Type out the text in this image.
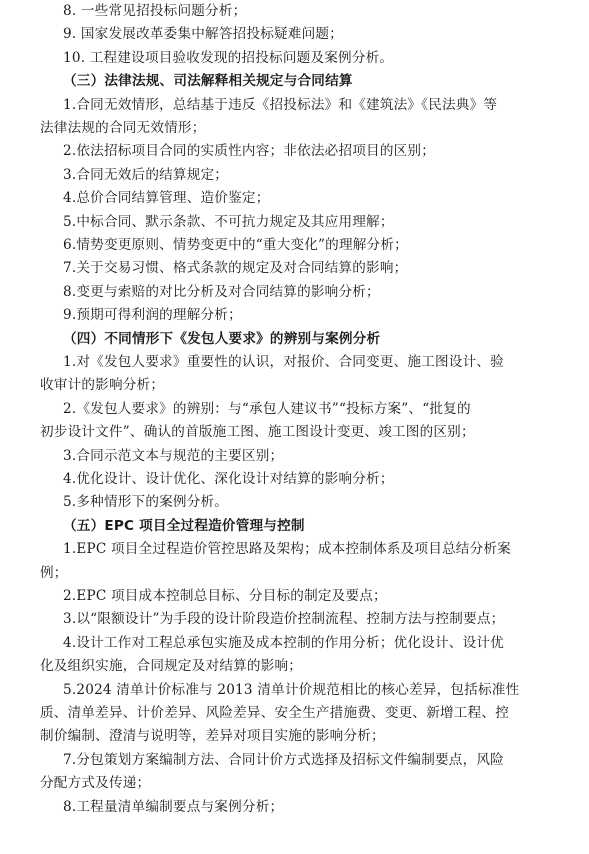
8. 一些常见招投标问题分析；
9. 国家发展改革委集中解答招投标疑难问题；
10. 工程建设项目验收发现的招投标问题及案例分析。
（三）法律法规、司法解释相关规定与合同结算
1.合同无效情形，总结基于违反《招投标法》和《建筑法》《民法典》等
法律法规的合同无效情形；
2.依法招标项目合同的实质性内容；非依法必招项目的区别；
3.合同无效后的结算规定；
4.总价合同结算管理、造价鉴定；
5.中标合同、默示条款、不可抗力规定及其应用理解；
6.情势变更原则、情势变更中的“重大变化”的理解分析；
7.关于交易习惯、格式条款的规定及对合同结算的影响；
8.变更与索赔的对比分析及对合同结算的影响分析；
9.预期可得利润的理解分析；
（四）不同情形下《发包人要求》的辨别与案例分析
1.对《发包人要求》重要性的认识，对报价、合同变更、施工图设计、验
收审计的影响分析；
2.《发包人要求》的辨别：与“承包人建议书”“投标方案”、“批复的
初步设计文件”、确认的首版施工图、施工图设计变更、竣工图的区别；
3.合同示范文本与规范的主要区别；
4.优化设计、设计优化、深化设计对结算的影响分析；
5.多种情形下的案例分析。
（五）EPC 项目全过程造价管理与控制
1.EPC 项目全过程造价管控思路及架构；成本控制体系及项目总结分析案
例；
2.EPC 项目成本控制总目标、分目标的制定及要点；
3.以“限额设计”为手段的设计阶段造价控制流程、控制方法与控制要点；
4.设计工作对工程总承包实施及成本控制的作用分析；优化设计、设计优
化及组织实施，合同规定及对结算的影响；
5.2024 清单计价标准与 2013 清单计价规范相比的核心差异，包括标准性
质、清单差异、计价差异、风险差异、安全生产措施费、变更、新增工程、控
制价编制、澄清与说明等，差异对项目实施的影响分析；
7.分包策划方案编制方法、合同计价方式选择及招标文件编制要点，风险
分配方式及传递；
8.工程量清单编制要点与案例分析；
